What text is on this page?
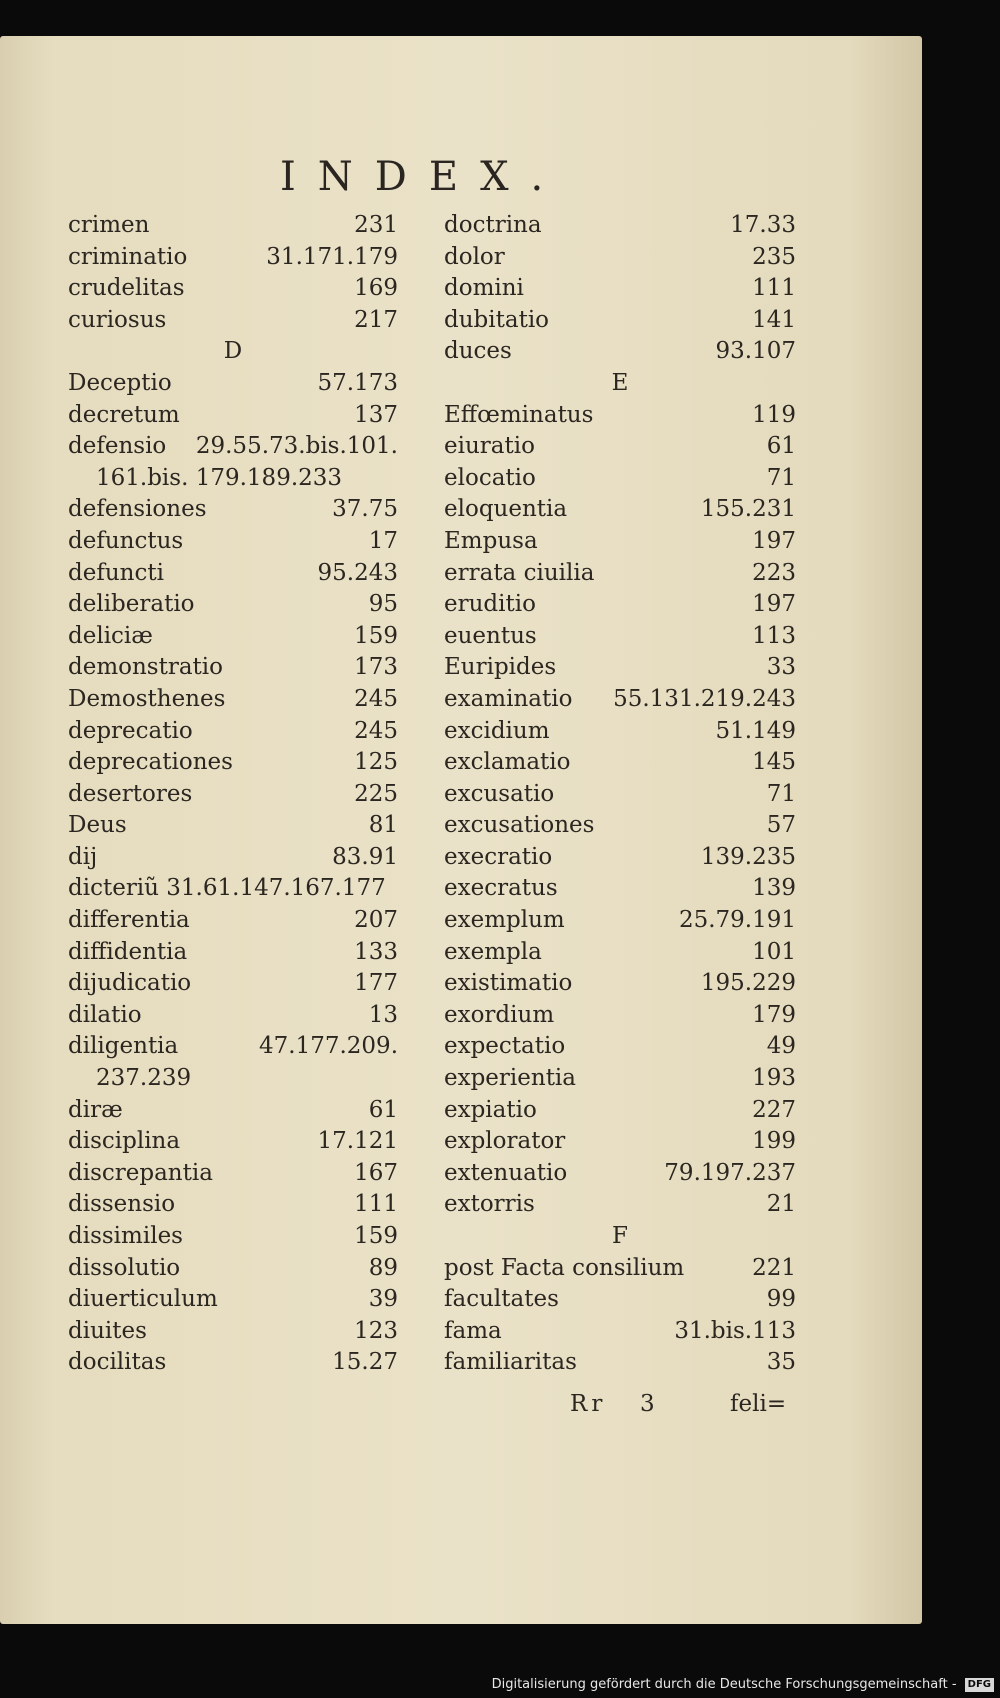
INDEX.
crimen	231
criminatio	31.171.179
crudelitas	169
curiosus	217
D
Deceptio	57.173
decretum	137
defensio 29.55.73.bis.101.
161.bis. 179.189.233
defensiones	37.75
defunctus	17
defuncti	95.243
deliberatio	95
deliciæ	159
demonstratio	173
Demosthenes	245
deprecatio	245
deprecationes	125
desertores	225
Deus	81
dij	83.91
dicteriũ 31.61.147.167.177
differentia	207
diffidentia	133
dijudicatio	177
dilatio	13
diligentia	47.177.209.
237.239
diræ	61
disciplina	17.121
discrepantia	167
dissensio	111
dissimiles	159
dissolutio	89
diuerticulum	39
diuites	123
docilitas	15.27
doctrina	17.33
dolor	235
domini	111
dubitatio	141
duces	93.107
E
Effœminatus	119
eiuratio	61
elocatio	71
eloquentia	155.231
Empusa	197
errata ciuilia	223
eruditio	197
euentus	113
Euripides	33
examinatio 55.131.219.243
excidium	51.149
exclamatio	145
excusatio	71
excusationes	57
execratio	139.235
execratus	139
exemplum	25.79.191
exempla	101
existimatio	195.229
exordium	179
expectatio	49
experientia	193
expiatio	227
explorator	199
extenuatio	79.197.237
extorris	21
F
post Facta consilium	221
facultates	99
fama	31.bis.113
familiaritas	35
Rr 3	feli=
Digitalisierung gefördert durch die Deutsche Forschungsgemeinschaft - DFG
